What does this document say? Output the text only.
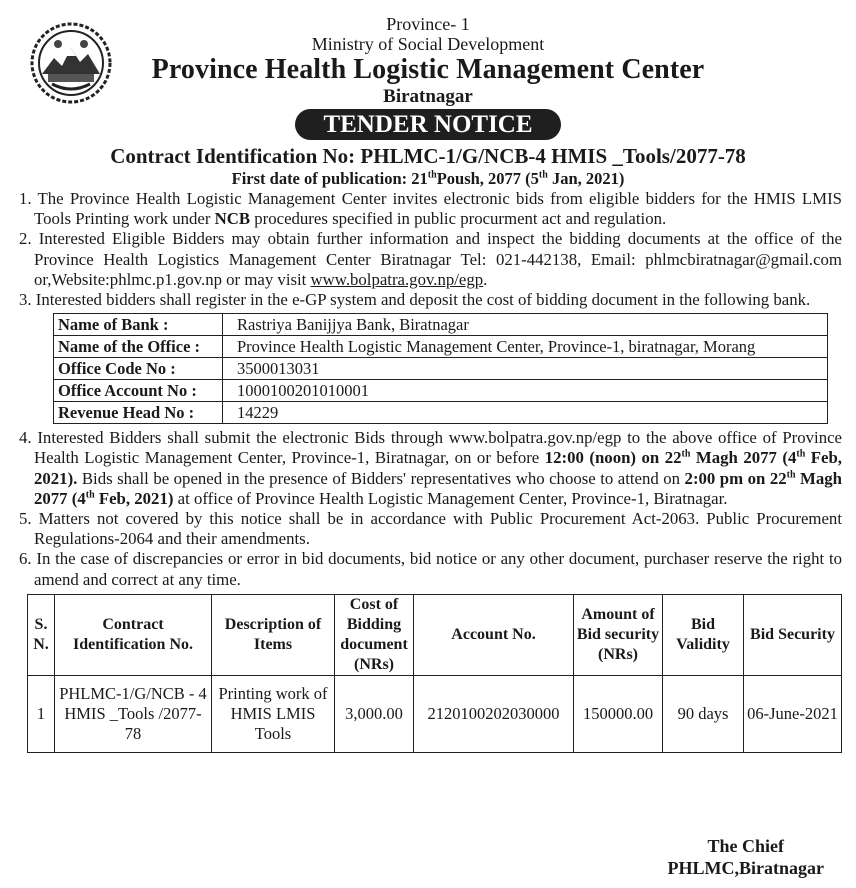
Province- 1
Ministry of Social Development
Province Health Logistic Management Center
Biratnagar
TENDER NOTICE
Contract Identification No: PHLMC-1/G/NCB-4 HMIS _Tools/2077-78
First date of publication: 21thPoush, 2077 (5th Jan, 2021)
1. The Province Health Logistic Management Center invites electronic bids from eligible bidders for the HMIS LMIS Tools Printing work under NCB procedures specified in public procurment act and regulation.
2. Interested Eligible Bidders may obtain further information and inspect the bidding documents at the office of the Province Health Logistics Management Center Biratnagar Tel: 021-442138, Email: phlmcbiratnagar@gmail.com or,Website:phlmc.p1.gov.np or may visit www.bolpatra.gov.np/egp.
3. Interested bidders shall register in the e-GP system and deposit the cost of bidding document in the following bank.
Name of Bank :	Rastriya Banijjya Bank, Biratnagar
Name of the Office :	Province Health Logistic Management Center, Province-1, biratnagar, Morang
Office Code No :	3500013031
Office Account No :	1000100201010001
Revenue Head No :	14229
4. Interested Bidders shall submit the electronic Bids through www.bolpatra.gov.np/egp to the above office of Province Health Logistic Management Center, Province-1, Biratnagar, on or before 12:00 (noon) on 22th Magh 2077 (4th Feb, 2021). Bids shall be opened in the presence of Bidders' representatives who choose to attend on 2:00 pm on 22th Magh 2077 (4th Feb, 2021) at office of Province Health Logistic Management Center, Province-1, Biratnagar.
5. Matters not covered by this notice shall be in accordance with Public Procurement Act-2063. Public Procurement Regulations-2064 and their amendments.
6. In the case of discrepancies or error in bid documents, bid notice or any other document, purchaser reserve the right to amend and correct at any time.
S. N.	Contract Identification No.	Description of Items	Cost of Bidding document (NRs)	Account No.	Amount of Bid security (NRs)	Bid Validity	Bid Security
1	PHLMC-1/G/NCB - 4 HMIS _Tools /2077-78	Printing work of HMIS LMIS Tools	3,000.00	2120100202030000	150000.00	90 days	06-June-2021
The Chief
PHLMC,Biratnagar
